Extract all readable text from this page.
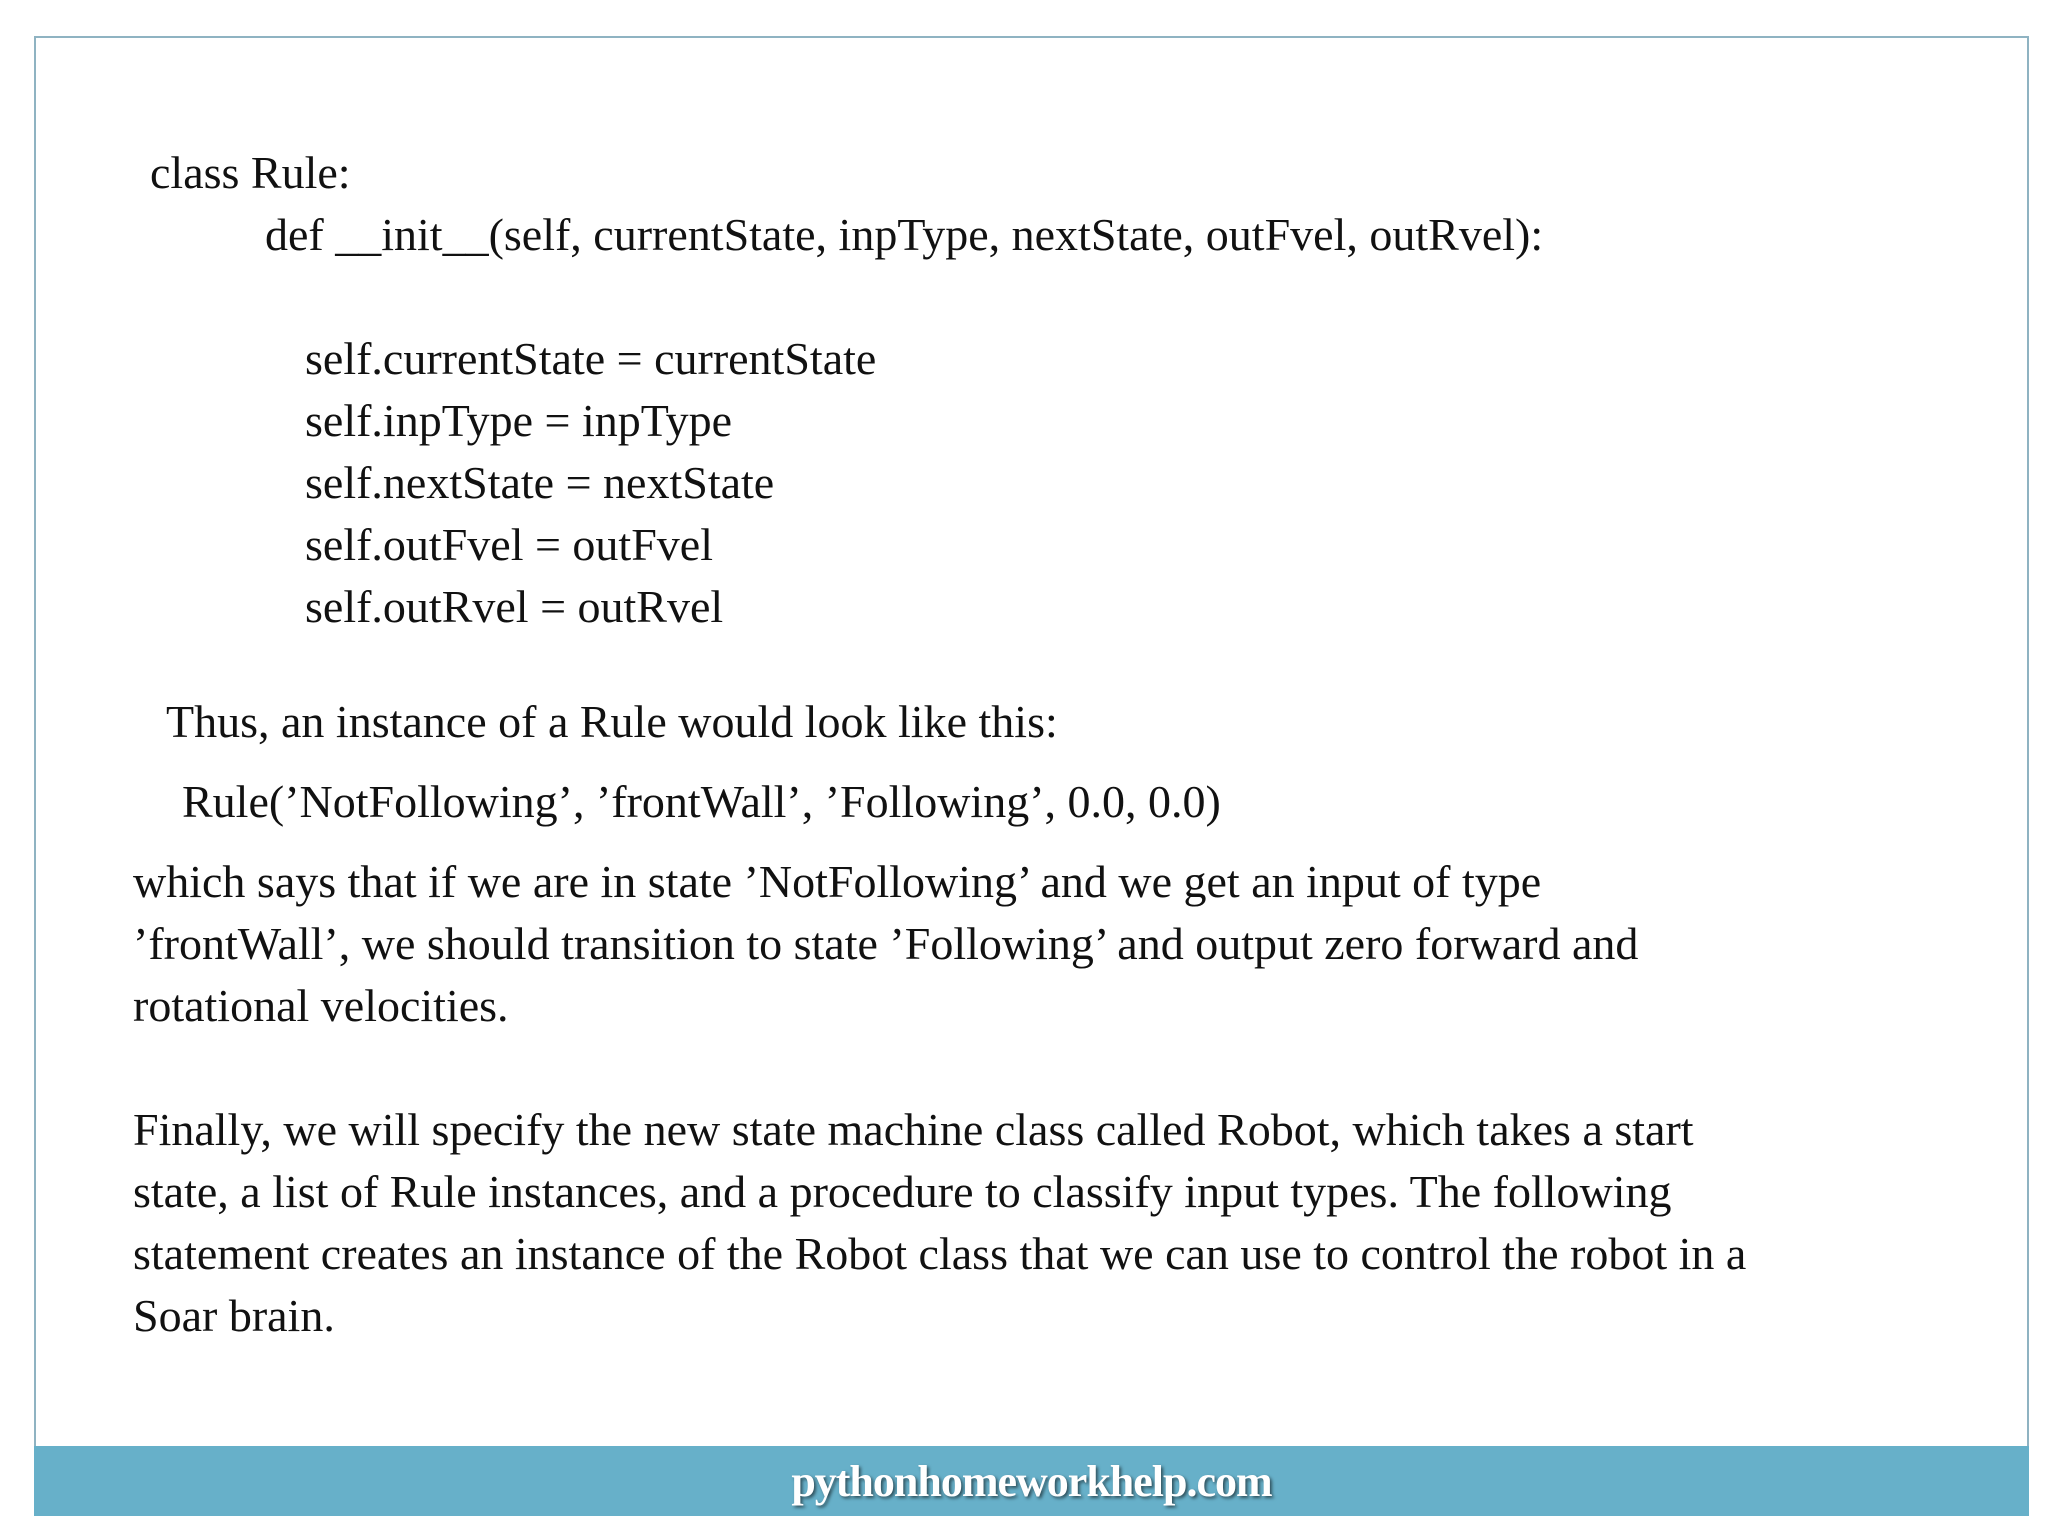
class Rule:

def __init__(self, currentState, inpType, nextState, outFvel, outRvel):

self.currentState = currentState

self.inpType = inpType

self.nextState = nextState

self.outFvel = outFvel

self.outRvel = outRvel

Thus, an instance of a Rule would look like this:

Rule(’NotFollowing’, ’frontWall’, ’Following’, 0.0, 0.0)

which says that if we are in state ’NotFollowing’ and we get an input of type
’frontWall’, we should transition to state ’Following’ and output zero forward and
rotational velocities.
Finally, we will specify the new state machine class called Robot, which takes a start
state, a list of Rule instances, and a procedure to classify input types. The following
statement creates an instance of the Robot class that we can use to control the robot in a
Soar brain.
pythonhomeworkhelp.com
